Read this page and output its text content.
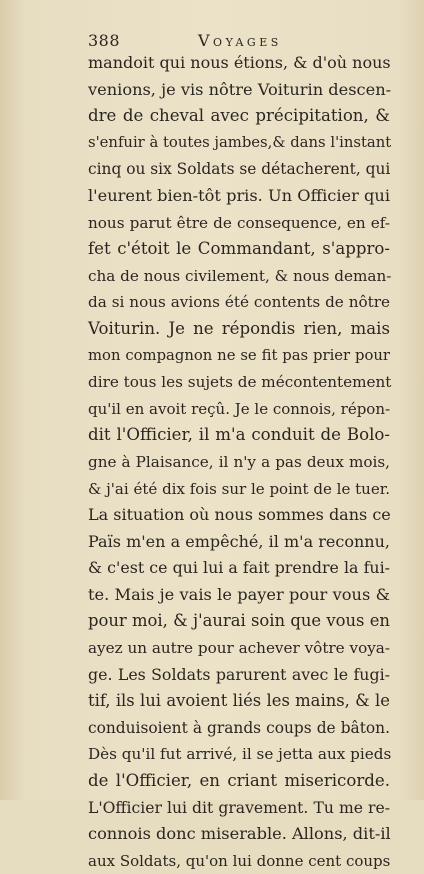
388	Voyages
mandoit qui nous étions, & d'où nous
venions, je vis nôtre Voiturin descen-
dre de cheval avec précipitation, &
s'enfuir à toutes jambes,& dans l'instant
cinq ou six Soldats se détacherent, qui
l'eurent bien-tôt pris. Un Officier qui
nous parut être de consequence, en ef-
fet c'étoit le Commandant, s'appro-
cha de nous civilement, & nous deman-
da si nous avions été contents de nôtre
Voiturin. Je ne répondis rien, mais
mon compagnon ne se fit pas prier pour
dire tous les sujets de mécontentement
qu'il en avoit reçû. Je le connois, répon-
dit l'Officier, il m'a conduit de Bolo-
gne à Plaisance, il n'y a pas deux mois,
& j'ai été dix fois sur le point de le tuer.
La situation où nous sommes dans ce
Païs m'en a empêché, il m'a reconnu,
& c'est ce qui lui a fait prendre la fui-
te. Mais je vais le payer pour vous &
pour moi, & j'aurai soin que vous en
ayez un autre pour achever vôtre voya-
ge. Les Soldats parurent avec le fugi-
tif, ils lui avoient liés les mains, & le
conduisoient à grands coups de bâton.
Dès qu'il fut arrivé, il se jetta aux pieds
de l'Officier, en criant misericorde.
L'Officier lui dit gravement. Tu me re-
connois donc miserable. Allons, dit-il
aux Soldats, qu'on lui donne cent coups
